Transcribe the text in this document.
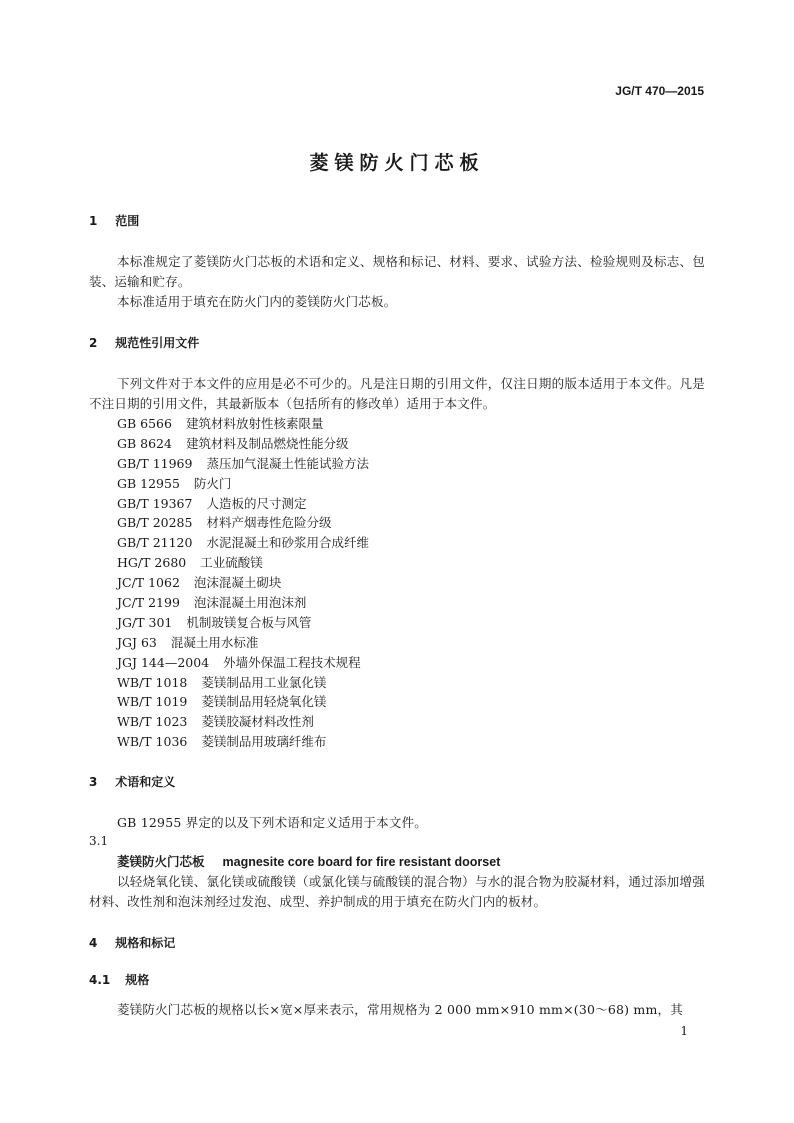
JG/T 470—2015
菱镁防火门芯板
1 范围
本标准规定了菱镁防火门芯板的术语和定义、规格和标记、材料、要求、试验方法、检验规则及标志、包装、运输和贮存。
本标准适用于填充在防火门内的菱镁防火门芯板。
2 规范性引用文件
下列文件对于本文件的应用是必不可少的。凡是注日期的引用文件，仅注日期的版本适用于本文件。凡是不注日期的引用文件，其最新版本（包括所有的修改单）适用于本文件。
GB 6566 建筑材料放射性核素限量
GB 8624 建筑材料及制品燃烧性能分级
GB/T 11969 蒸压加气混凝土性能试验方法
GB 12955 防火门
GB/T 19367 人造板的尺寸测定
GB/T 20285 材料产烟毒性危险分级
GB/T 21120 水泥混凝土和砂浆用合成纤维
HG/T 2680 工业硫酸镁
JC/T 1062 泡沫混凝土砌块
JC/T 2199 泡沫混凝土用泡沫剂
JG/T 301 机制玻镁复合板与风管
JGJ 63 混凝土用水标准
JGJ 144—2004 外墙外保温工程技术规程
WB/T 1018 菱镁制品用工业氯化镁
WB/T 1019 菱镁制品用轻烧氧化镁
WB/T 1023 菱镁胶凝材料改性剂
WB/T 1036 菱镁制品用玻璃纤维布
3 术语和定义
GB 12955 界定的以及下列术语和定义适用于本文件。
3.1
菱镁防火门芯板 magnesite core board for fire resistant doorset
以轻烧氧化镁、氯化镁或硫酸镁（或氯化镁与硫酸镁的混合物）与水的混合物为胶凝材料，通过添加增强材料、改性剂和泡沫剂经过发泡、成型、养护制成的用于填充在防火门内的板材。
4 规格和标记
4.1 规格
菱镁防火门芯板的规格以长×宽×厚来表示，常用规格为 2 000 mm×910 mm×(30～68) mm，其
1
